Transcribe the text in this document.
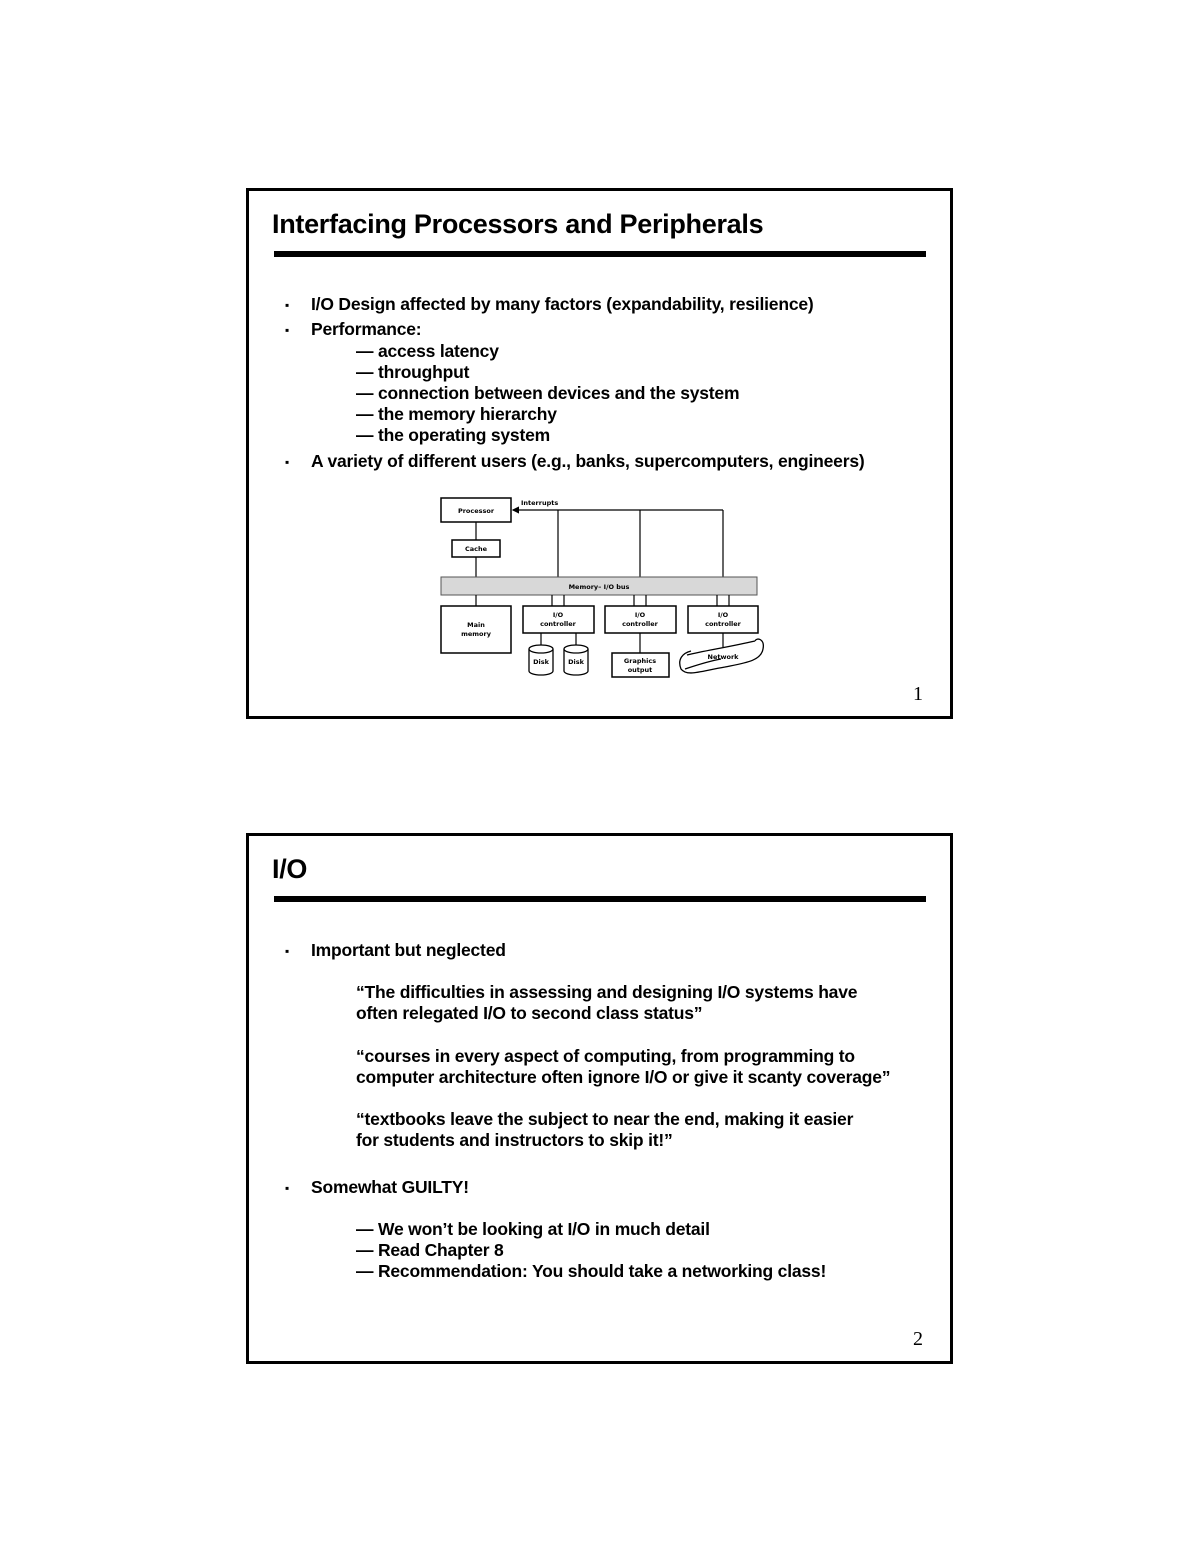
Interfacing Processors and Peripherals
▪ I/O Design affected by many factors (expandability, resilience)
▪ Performance:
— access latency
— throughput
— connection between devices and the system
— the memory hierarchy
— the operating system
▪ A variety of different users (e.g., banks, supercomputers, engineers)
Processor
Interrupts
Cache
Memory– I/O bus
Main
memory
I/O
controller
I/O
controller
I/O
controller
Disk	Disk	Graphics
output
Network
1
I/O
▪ Important but neglected
“The difficulties in assessing and designing I/O systems have
often relegated I/O to second class status”
“courses in every aspect of computing, from programming to
computer architecture often ignore I/O or give it scanty coverage”
“textbooks leave the subject to near the end, making it easier
for students and instructors to skip it!”
▪ Somewhat GUILTY!
— We won’t be looking at I/O in much detail
— Read Chapter 8
— Recommendation: You should take a networking class!
2
